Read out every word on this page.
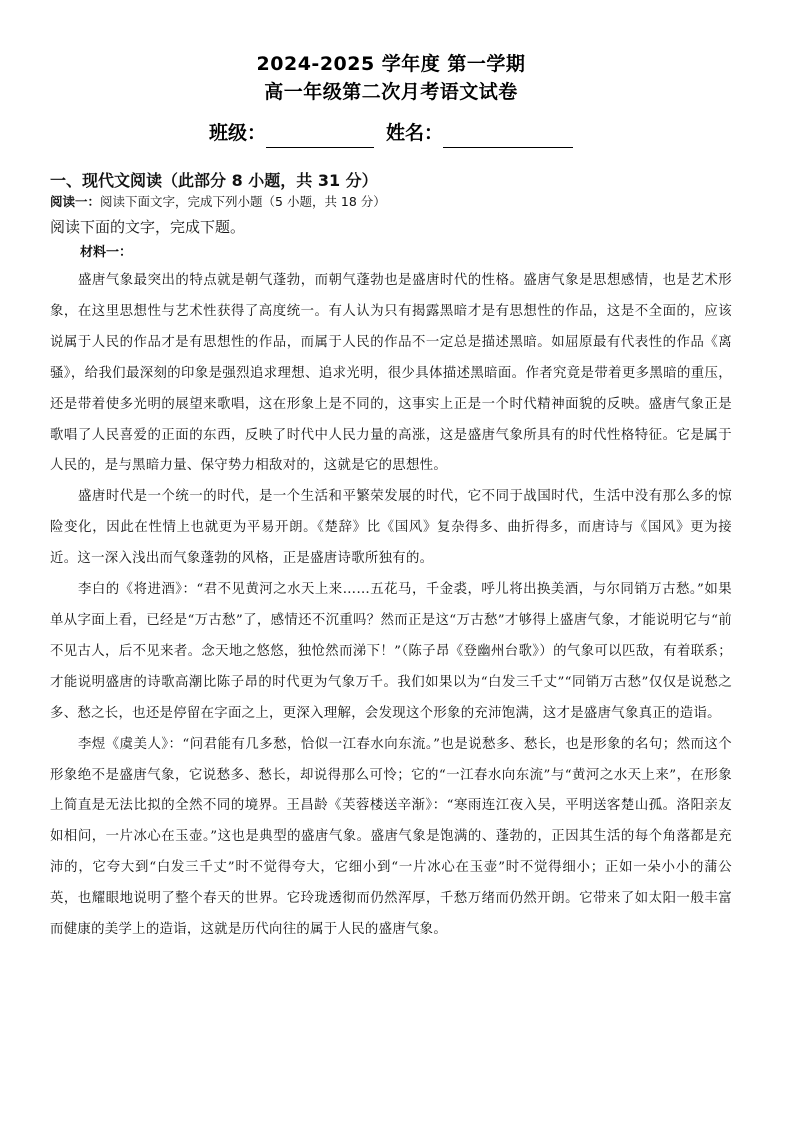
2024-2025 学年度 第一学期
高一年级第二次月考语文试卷
班级：	姓名：
一、现代文阅读（此部分 8 小题，共 31 分）
阅读一：阅读下面文字，完成下列小题（5 小题，共 18 分）
阅读下面的文字，完成下题。
材料一：

盛唐气象最突出的特点就是朝气蓬勃，而朝气蓬勃也是盛唐时代的性格。盛唐气象是思想感情，也是艺术形象，在这里思想性与艺术性获得了高度统一。有人认为只有揭露黑暗才是有思想性的作品，这是不全面的，应该说属于人民的作品才是有思想性的作品，而属于人民的作品不一定总是描述黑暗。如屈原最有代表性的作品《离骚》，给我们最深刻的印象是强烈追求理想、追求光明，很少具体描述黑暗面。作者究竟是带着更多黑暗的重压，还是带着使多光明的展望来歌唱，这在形象上是不同的，这事实上正是一个时代精神面貌的反映。盛唐气象正是歌唱了人民喜爱的正面的东西，反映了时代中人民力量的高涨，这是盛唐气象所具有的时代性格特征。它是属于人民的，是与黑暗力量、保守势力相敌对的，这就是它的思想性。

盛唐时代是一个统一的时代，是一个生活和平繁荣发展的时代，它不同于战国时代，生活中没有那么多的惊险变化，因此在性情上也就更为平易开朗。《楚辞》比《国风》复杂得多、曲折得多，而唐诗与《国风》更为接近。这一深入浅出而气象蓬勃的风格，正是盛唐诗歌所独有的。

李白的《将进酒》：“君不见黄河之水天上来……五花马，千金裘，呼儿将出换美酒，与尔同销万古愁。”如果单从字面上看，已经是“万古愁”了，感情还不沉重吗？然而正是这“万古愁”才够得上盛唐气象，才能说明它与“前不见古人，后不见来者。念天地之悠悠，独怆然而涕下！”（陈子昂《登幽州台歌》）的气象可以匹敌，有着联系；才能说明盛唐的诗歌高潮比陈子昂的时代更为气象万千。我们如果以为“白发三千丈”“同销万古愁”仅仅是说愁之多、愁之长，也还是停留在字面之上，更深入理解，会发现这个形象的充沛饱满，这才是盛唐气象真正的造诣。

李煜《虞美人》：“问君能有几多愁，恰似一江春水向东流。”也是说愁多、愁长，也是形象的名句；然而这个形象绝不是盛唐气象，它说愁多、愁长，却说得那么可怜；它的“一江春水向东流”与“黄河之水天上来”，在形象上简直是无法比拟的全然不同的境界。王昌龄《芙蓉楼送辛渐》：“寒雨连江夜入吴，平明送客楚山孤。洛阳亲友如相问，一片冰心在玉壶。”这也是典型的盛唐气象。盛唐气象是饱满的、蓬勃的，正因其生活的每个角落都是充沛的，它夸大到“白发三千丈”时不觉得夸大，它细小到“一片冰心在玉壶”时不觉得细小；正如一朵小小的蒲公英，也耀眼地说明了整个春天的世界。它玲珑透彻而仍然浑厚，千愁万绪而仍然开朗。它带来了如太阳一般丰富而健康的美学上的造诣，这就是历代向往的属于人民的盛唐气象。
